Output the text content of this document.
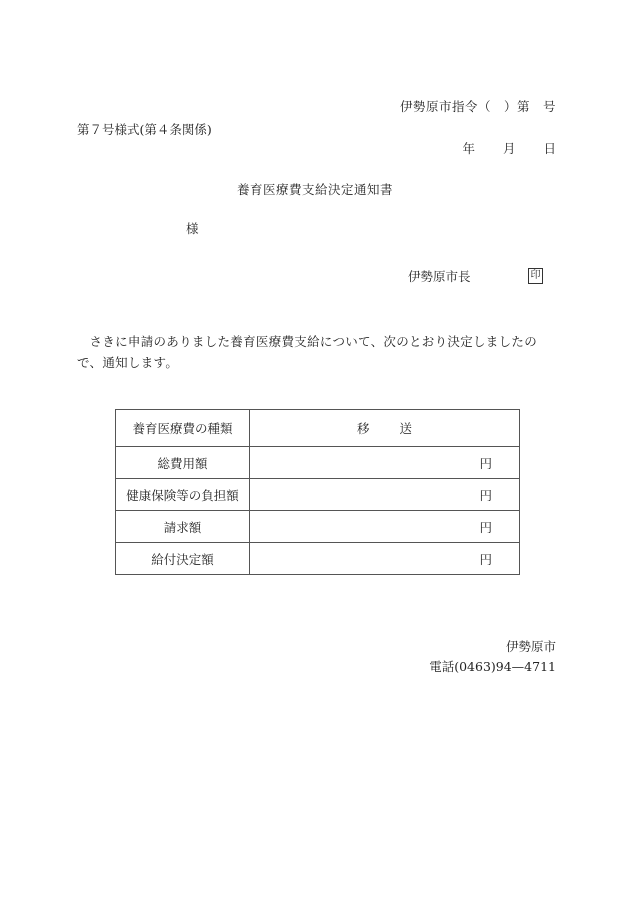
伊勢原市指令（　）第　号
第７号様式(第４条関係)
年 月 日
養育医療費支給決定通知書
様
伊勢原市長	印
さきに申請のありました養育医療費支給について、次のとおり決定しましたので、通知します。
養育医療費の種類	移 送
総費用額	円
健康保険等の負担額	円
請求額	円
給付決定額	円
伊勢原市
電話(0463)94—4711
